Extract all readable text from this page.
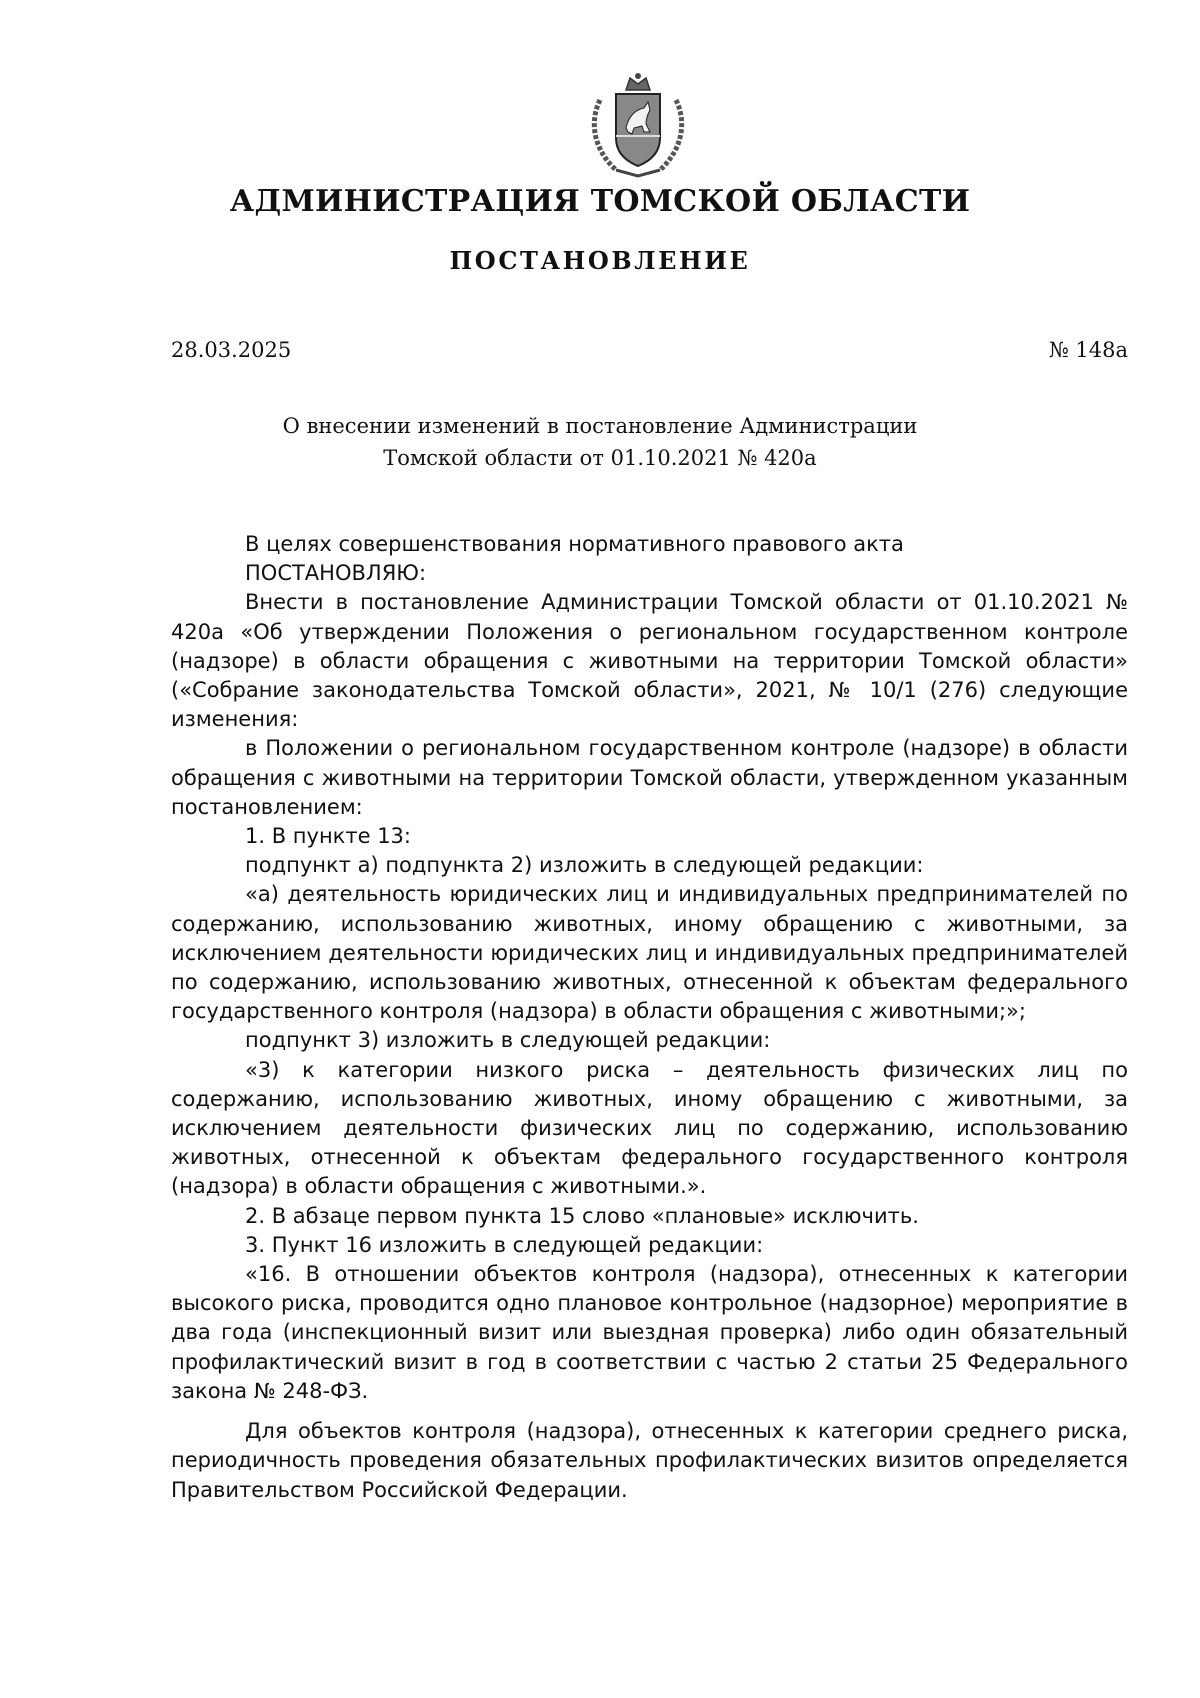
АДМИНИСТРАЦИЯ ТОМСКОЙ ОБЛАСТИ
ПОСТАНОВЛЕНИЕ
28.03.2025	№ 148а
О внесении изменений в постановление Администрации
Томской области от 01.10.2021 № 420а

В целях совершенствования нормативного правового акта

ПОСТАНОВЛЯЮ:

Внести в постановление Администрации Томской области от 01.10.2021 № 420а «Об утверждении Положения о региональном государственном контроле (надзоре) в области обращения с животными на территории Томской области» («Собрание законодательства Томской области», 2021, № 10/1 (276) следующие изменения:

в Положении о региональном государственном контроле (надзоре) в области обращения с животными на территории Томской области, утвержденном указанным постановлением:

1. В пункте 13:

подпункт а) подпункта 2) изложить в следующей редакции:

«а) деятельность юридических лиц и индивидуальных предпринимателей по содержанию, использованию животных, иному обращению с животными, за исключением деятельности юридических лиц и индивидуальных предпринимателей по содержанию, использованию животных, отнесенной к объектам федерального государственного контроля (надзора) в области обращения с животными;»;

подпункт 3) изложить в следующей редакции:

«3) к категории низкого риска – деятельность физических лиц по содержанию, использованию животных, иному обращению с животными, за исключением деятельности физических лиц по содержанию, использованию животных, отнесенной к объектам федерального государственного контроля (надзора) в области обращения с животными.».

2. В абзаце первом пункта 15 слово «плановые» исключить.

3. Пункт 16 изложить в следующей редакции:

«16. В отношении объектов контроля (надзора), отнесенных к категории высокого риска, проводится одно плановое контрольное (надзорное) мероприятие в два года (инспекционный визит или выездная проверка) либо один обязательный профилактический визит в год в соответствии с частью 2 статьи 25 Федерального закона № 248-ФЗ.

Для объектов контроля (надзора), отнесенных к категории среднего риска, периодичность проведения обязательных профилактических визитов определяется Правительством Российской Федерации.
